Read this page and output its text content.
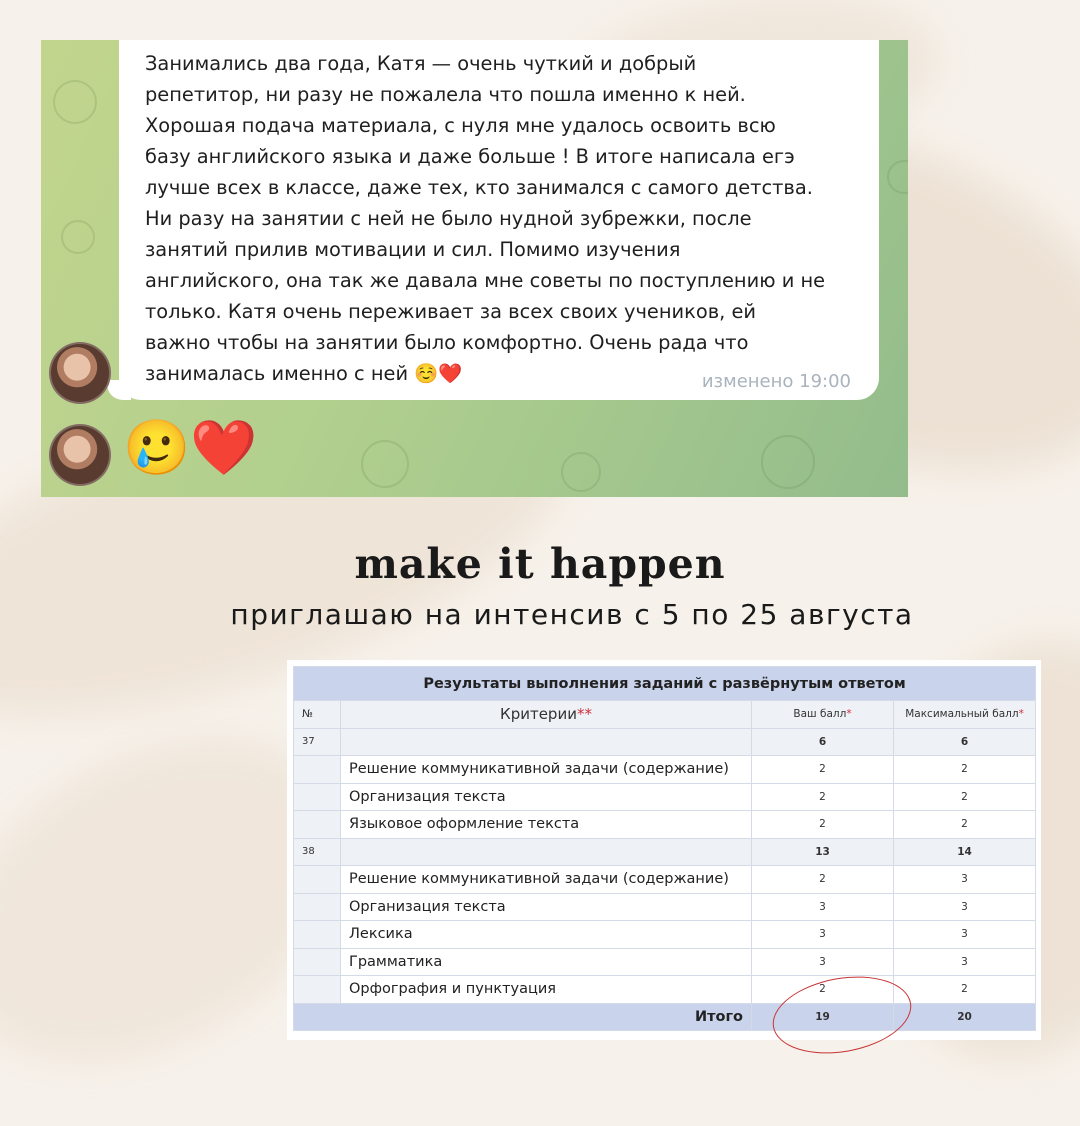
Занимались два года, Катя — очень чуткий и добрый
репетитор, ни разу не пожалела что пошла именно к ней.
Хорошая подача материала, с нуля мне удалось освоить всю
базу английского языка и даже больше ! В итоге написала егэ
лучше всех в классе, даже тех, кто занимался с самого детства.
Ни разу на занятии с ней не было нудной зубрежки, после
занятий прилив мотивации и сил. Помимо изучения
английского, она так же давала мне советы по поступлению и не
только. Катя очень переживает за всех своих учеников, ей
важно чтобы на занятии было комфортно. Очень рада что
занималась именно с ней ☺️❤️	изменено 19:00
🥲❤️
make it happen
приглашаю на интенсив с 5 по 25 августа
Результаты выполнения заданий с развёрнутым ответом			
№	Критерии**	Ваш балл*	Максимальный балл*
37		6	6
	Решение коммуникативной задачи (содержание)	2	2
	Организация текста	2	2
	Языковое оформление текста	2	2
38		13	14
	Решение коммуникативной задачи (содержание)	2	3
	Организация текста	3	3
	Лексика	3	3
	Грамматика	3	3
	Орфография и пунктуация	2	2
Итого		19	20
